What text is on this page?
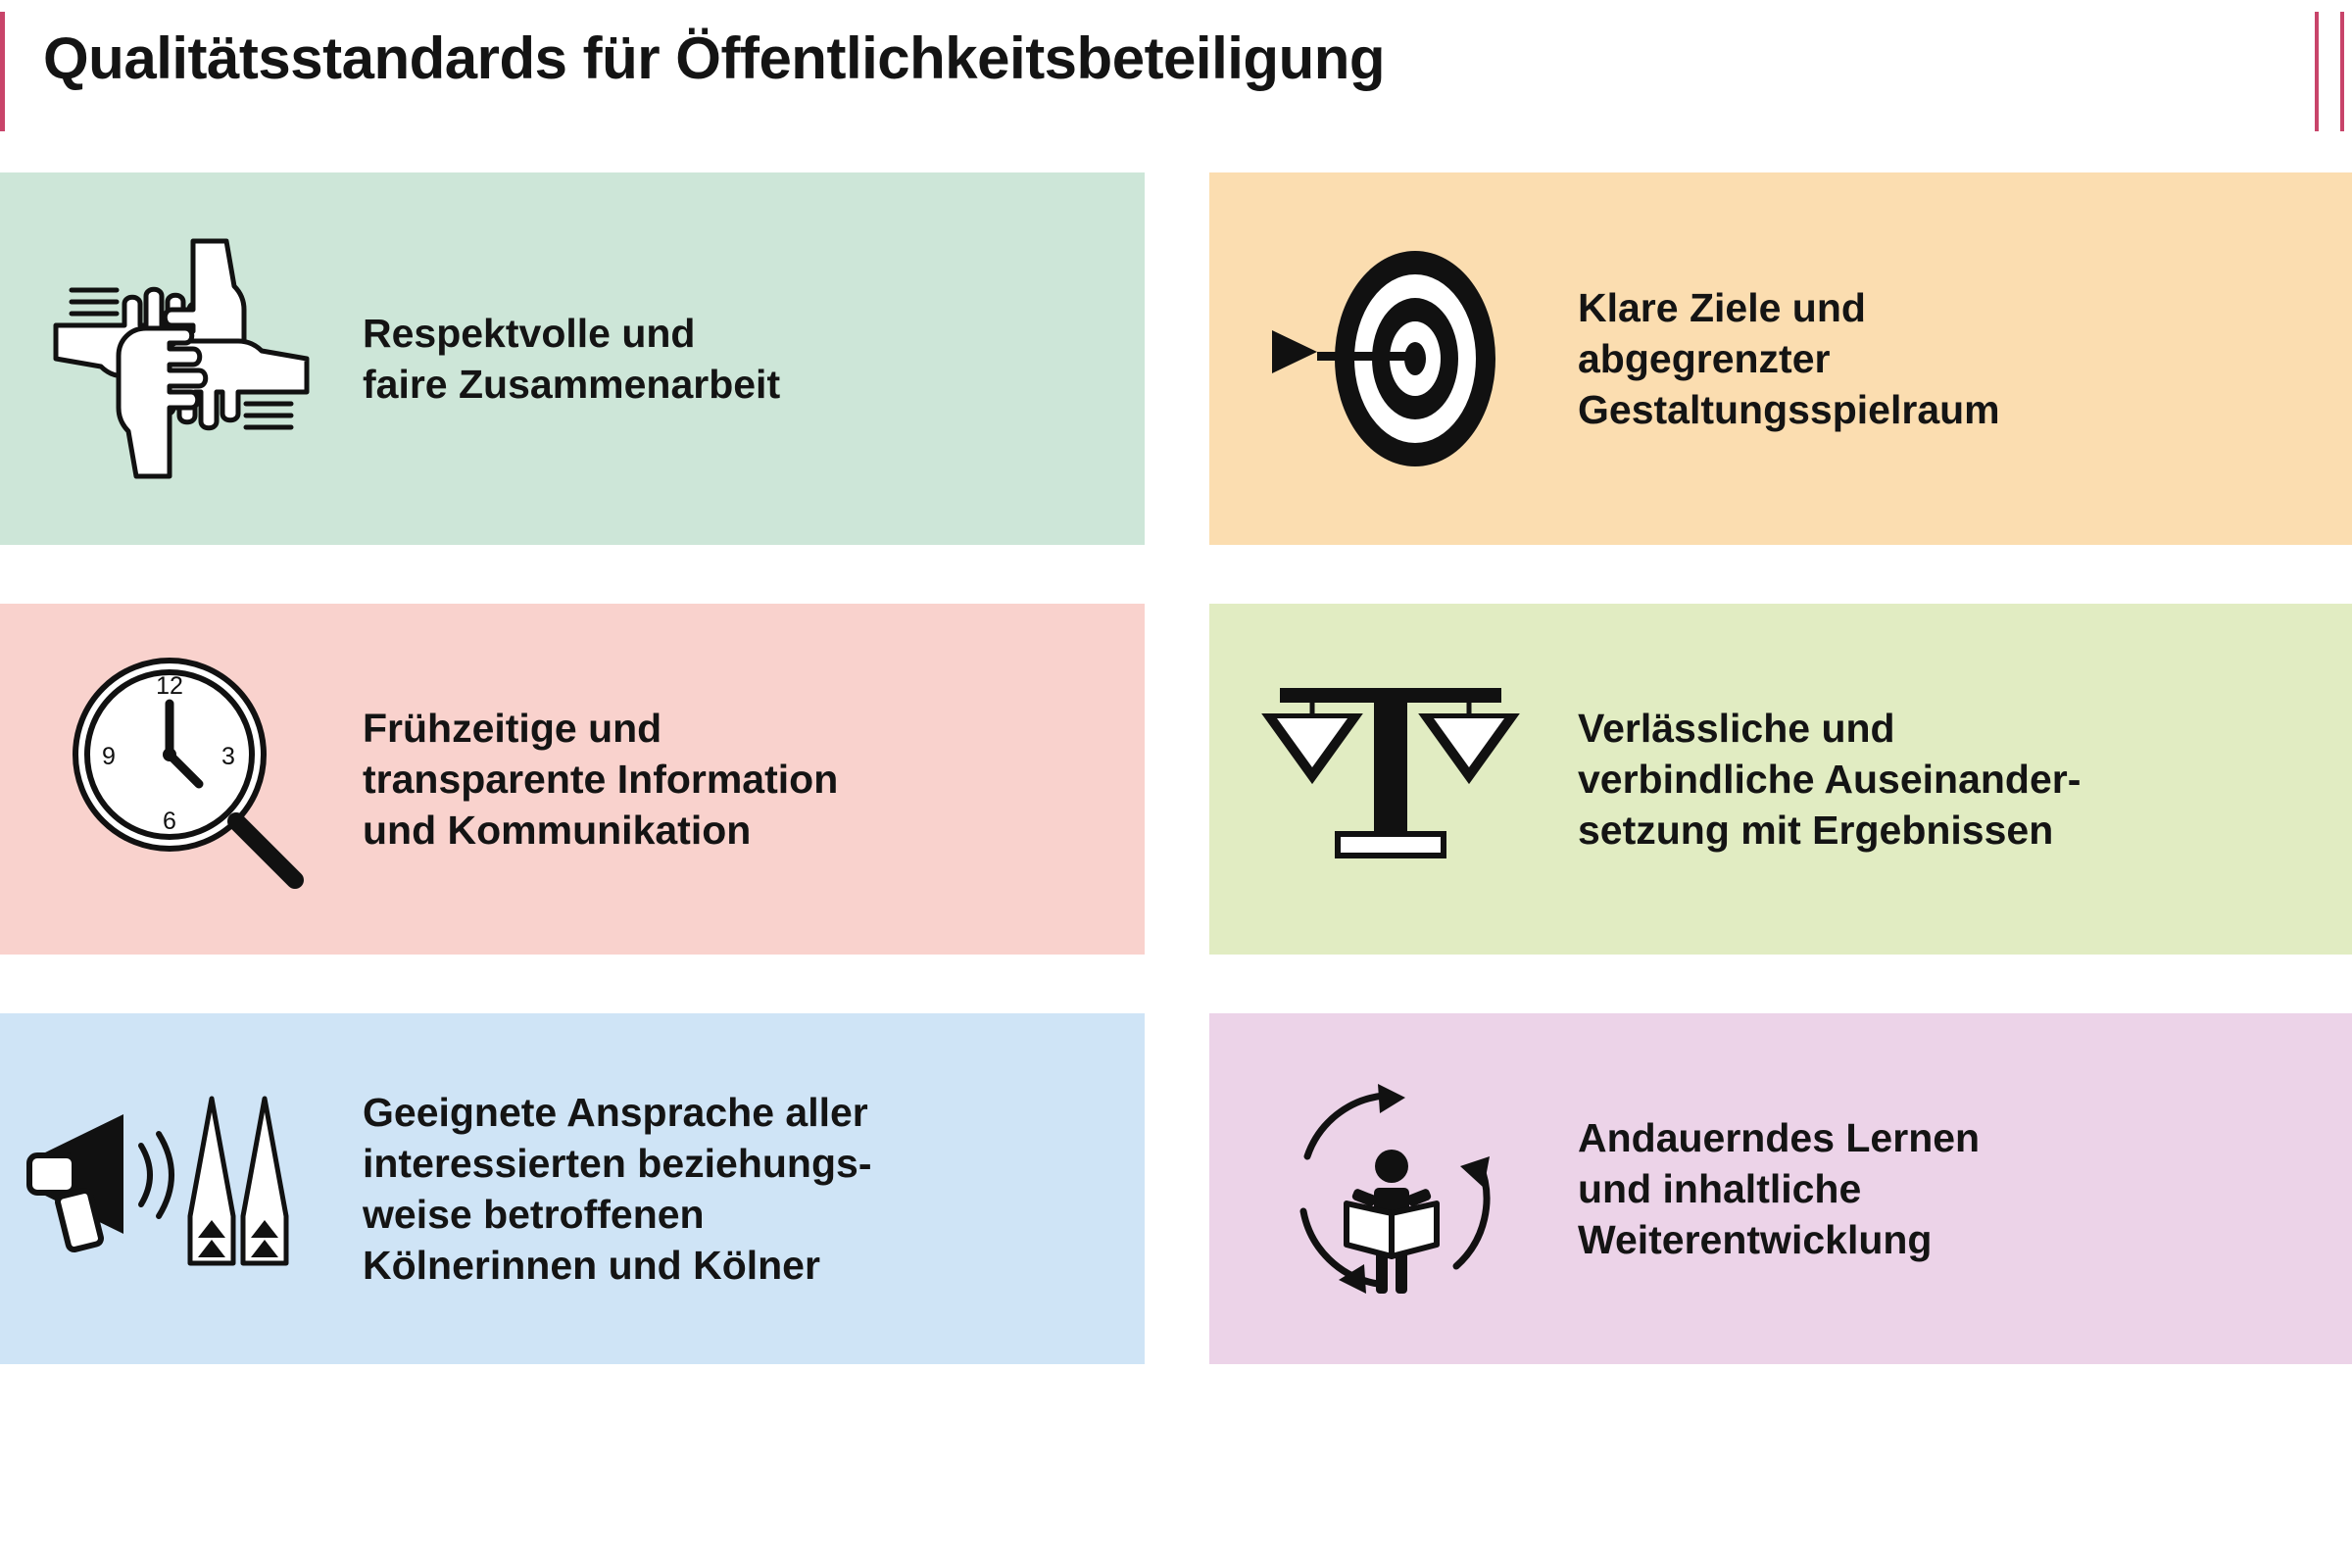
Qualitätsstandards für Öffentlichkeitsbeteiligung
Respektvolle und
faire Zusammenarbeit
Klare Ziele und
abgegrenzter
Gestaltungsspielraum
12
3
6
9
Frühzeitige und
transparente Information
und Kommunikation
Verlässliche und
verbindliche Auseinander-
setzung mit Ergebnissen
Geeignete Ansprache aller
interessierten beziehungs-
weise betroffenen
Kölnerinnen und Kölner
Andauerndes Lernen
und inhaltliche
Weiterentwicklung
